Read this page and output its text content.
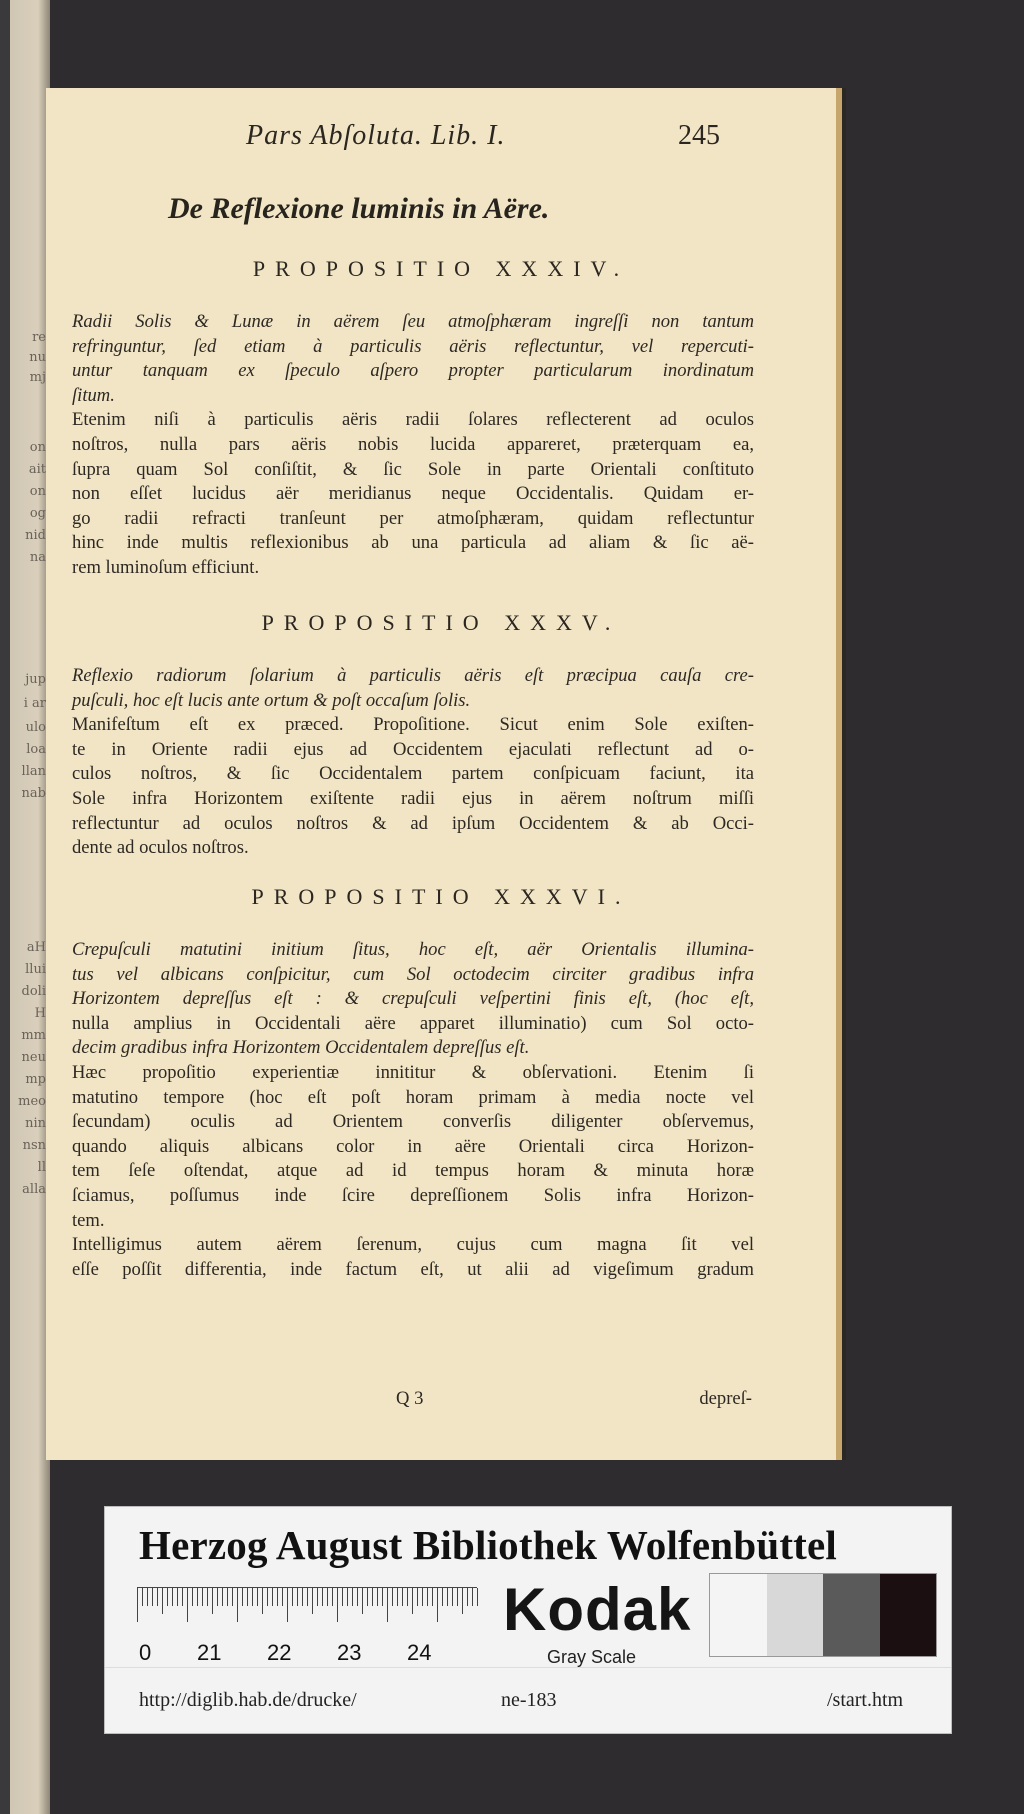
re
nu
mj
on
ait
on
og
nid
na
jup
i ar
ulo
loa
llan
nab
aH
llui
doli
H
mm
neu
mp
meo
nin
nsn
ll
alla
Pars Abſoluta. Lib. I.	245
De Reflexione luminis in Aëre.
PROPOSITIO XXXIV.
Radii Solis & Lunæ in aërem ſeu atmoſphæram ingreſſi non tantum
refringuntur, ſed etiam à particulis aëris reflectuntur, vel repercuti-
untur tanquam ex ſpeculo aſpero propter particularum inordinatum
ſitum.
Etenim niſi à particulis aëris radii ſolares reflecterent ad oculos
noſtros, nulla pars aëris nobis lucida appareret, præterquam ea,
ſupra quam Sol conſiſtit, & ſic Sole in parte Orientali conſtituto
non eſſet lucidus aër meridianus neque Occidentalis. Quidam er-
go radii refracti tranſeunt per atmoſphæram, quidam reflectuntur
hinc inde multis reflexionibus ab una particula ad aliam & ſic aë-
rem luminoſum efficiunt.
PROPOSITIO XXXV.
Reflexio radiorum ſolarium à particulis aëris eſt præcipua cauſa cre-
puſculi, hoc eſt lucis ante ortum & poſt occaſum ſolis.
Manifeſtum eſt ex præced. Propoſitione. Sicut enim Sole exiſten-
te in Oriente radii ejus ad Occidentem ejaculati reflectunt ad o-
culos noſtros, & ſic Occidentalem partem conſpicuam faciunt, ita
Sole infra Horizontem exiſtente radii ejus in aërem noſtrum miſſi
reflectuntur ad oculos noſtros & ad ipſum Occidentem & ab Occi-
dente ad oculos noſtros.
PROPOSITIO XXXVI.
Crepuſculi matutini initium ſitus, hoc eſt, aër Orientalis illumina-
tus vel albicans conſpicitur, cum Sol octodecim circiter gradibus infra
Horizontem depreſſus eſt : & crepuſculi veſpertini finis eſt, (hoc eſt,
nulla amplius in Occidentali aëre apparet illuminatio) cum Sol octo-
decim gradibus infra Horizontem Occidentalem depreſſus eſt.
Hæc propoſitio experientiæ innititur & obſervationi. Etenim ſi
matutino tempore (hoc eſt poſt horam primam à media nocte vel
ſecundam) oculis ad Orientem converſis diligenter obſervemus,
quando aliquis albicans color in aëre Orientali circa Horizon-
tem ſeſe oſtendat, atque ad id tempus horam & minuta horæ
ſciamus, poſſumus inde ſcire depreſſionem Solis infra Horizon-
tem.
Intelligimus autem aërem ſerenum, cujus cum magna ſit vel
eſſe poſſit differentia, inde factum eſt, ut alii ad vigeſimum gradum
Q 3	depreſ-
Herzog August Bibliothek Wolfenbüttel
0 21 22 23 24
Kodak
Gray Scale
http://diglib.hab.de/drucke/	ne-183	/start.htm
